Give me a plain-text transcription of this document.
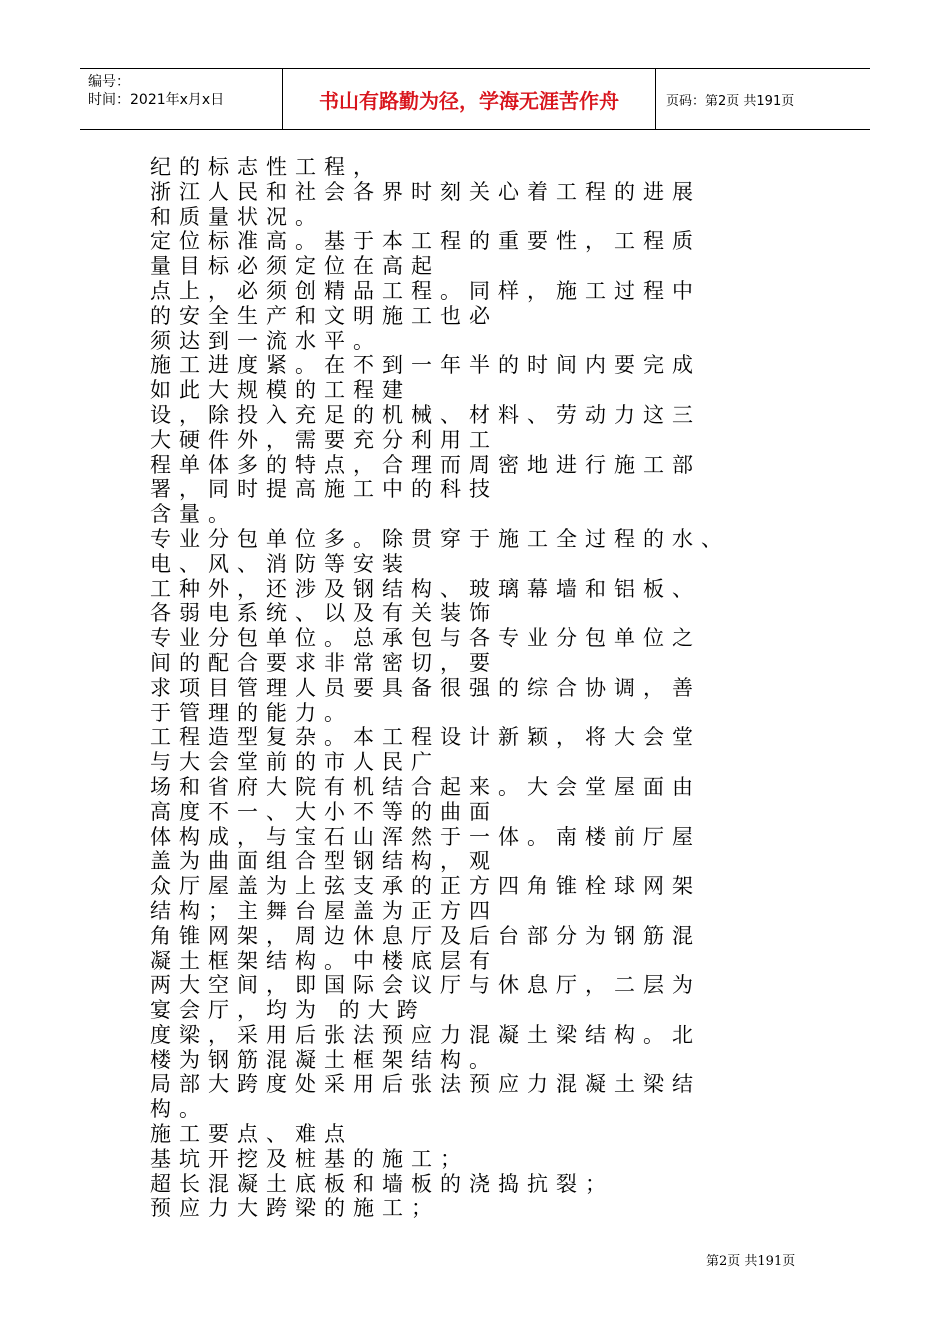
编号：
时间：2021年x月x日	书山有路勤为径，学海无涯苦作舟	页码：第2页 共191页
纪的标志性工程，
浙江人民和社会各界时刻关心着工程的进展
和质量状况。
定位标准高。基于本工程的重要性，工程质
量目标必须定位在高起
点上，必须创精品工程。同样，施工过程中
的安全生产和文明施工也必
须达到一流水平。
施工进度紧。在不到一年半的时间内要完成
如此大规模的工程建
设，除投入充足的机械、材料、劳动力这三
大硬件外，需要充分利用工
程单体多的特点，合理而周密地进行施工部
署，同时提高施工中的科技
含量。
专业分包单位多。除贯穿于施工全过程的水、
电、风、消防等安装
工种外，还涉及钢结构、玻璃幕墙和铝板、
各弱电系统、以及有关装饰
专业分包单位。总承包与各专业分包单位之
间的配合要求非常密切，要
求项目管理人员要具备很强的综合协调，善
于管理的能力。
工程造型复杂。本工程设计新颖，将大会堂
与大会堂前的市人民广
场和省府大院有机结合起来。大会堂屋面由
高度不一、大小不等的曲面
体构成，与宝石山浑然于一体。南楼前厅屋
盖为曲面组合型钢结构，观
众厅屋盖为上弦支承的正方四角锥栓球网架
结构；主舞台屋盖为正方四
角锥网架，周边休息厅及后台部分为钢筋混
凝土框架结构。中楼底层有
两大空间，即国际会议厅与休息厅，二层为
宴会厅，均为 的大跨
度梁，采用后张法预应力混凝土梁结构。北
楼为钢筋混凝土框架结构。
局部大跨度处采用后张法预应力混凝土梁结
构。
施工要点、难点
基坑开挖及桩基的施工；
超长混凝土底板和墙板的浇捣抗裂；
预应力大跨梁的施工；
第2页 共191页
